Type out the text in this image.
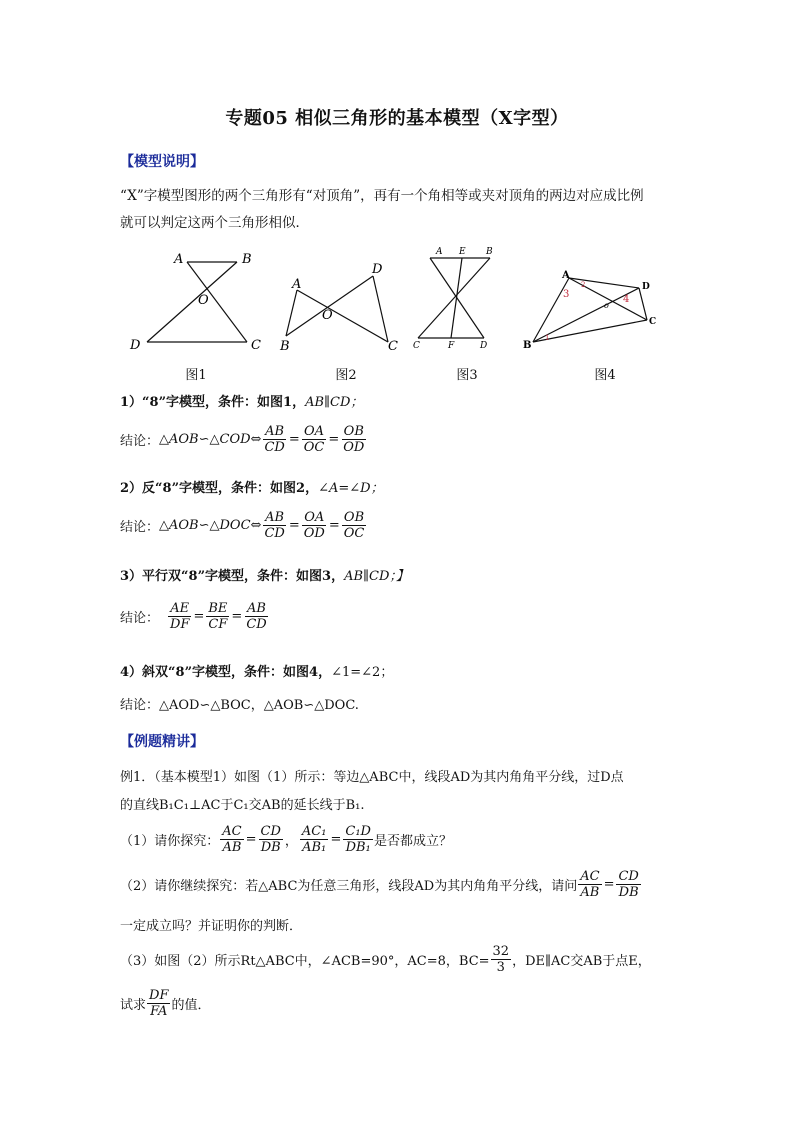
专题05 相似三角形的基本模型（X字型）
【模型说明】
“X”字模型图形的两个三角形有“对顶角”，再有一个角相等或夹对顶角的两边对应成比例
就可以判定这两个三角形相似．
A	B
O
D	C
图1
A
D
O
B	C
图2
A E B
C	F	D
图3
A
D
C
B
o
3	4
1
2
图4
1）“8”字模型，条件：如图1，AB∥CD；
结论： △AOB∽△COD⇔ $\frac{AB}{CD} = \frac{OA}{OC} = \frac{OB}{OD}$
2）反“8”字模型，条件：如图2，∠A=∠D；
结论： △AOB∽△DOC⇔ $\frac{AB}{CD} = \frac{OA}{OD} = \frac{OB}{OC}$
3）平行双“8”字模型，条件：如图3，AB∥CD；】
结论： $\frac{AE}{DF} = \frac{BE}{CF} = \frac{AB}{CD}$
4）斜双“8”字模型，条件：如图4，∠1=∠2；
结论：△AOD∽△BOC，△AOB∽△DOC.
【例题精讲】
例1．（基本模型1）如图（1）所示：等边△ABC中，线段AD为其内角角平分线，过D点
的直线B₁C₁⊥AC于C₁交AB的延长线于B₁.
（1）请你探究： $\frac{AC}{AB} = \frac{CD}{DB}$ ， $\frac{\text{AC₁}}{\text{AB₁}} = \frac{\text{C₁D}}{\text{DB₁}}$ 是否都成立？
（2）请你继续探究：若△ABC为任意三角形，线段AD为其内角角平分线，请问 $\frac{AC}{AB} = \frac{CD}{DB}$
一定成立吗？并证明你的判断．
（3）如图（2）所示Rt△ABC中，∠ACB=90°，AC=8，$BC= \frac{32}{3}$ ，DE∥AC交AB于点E，
试求 $\frac{DF}{FA}$ 的值．
